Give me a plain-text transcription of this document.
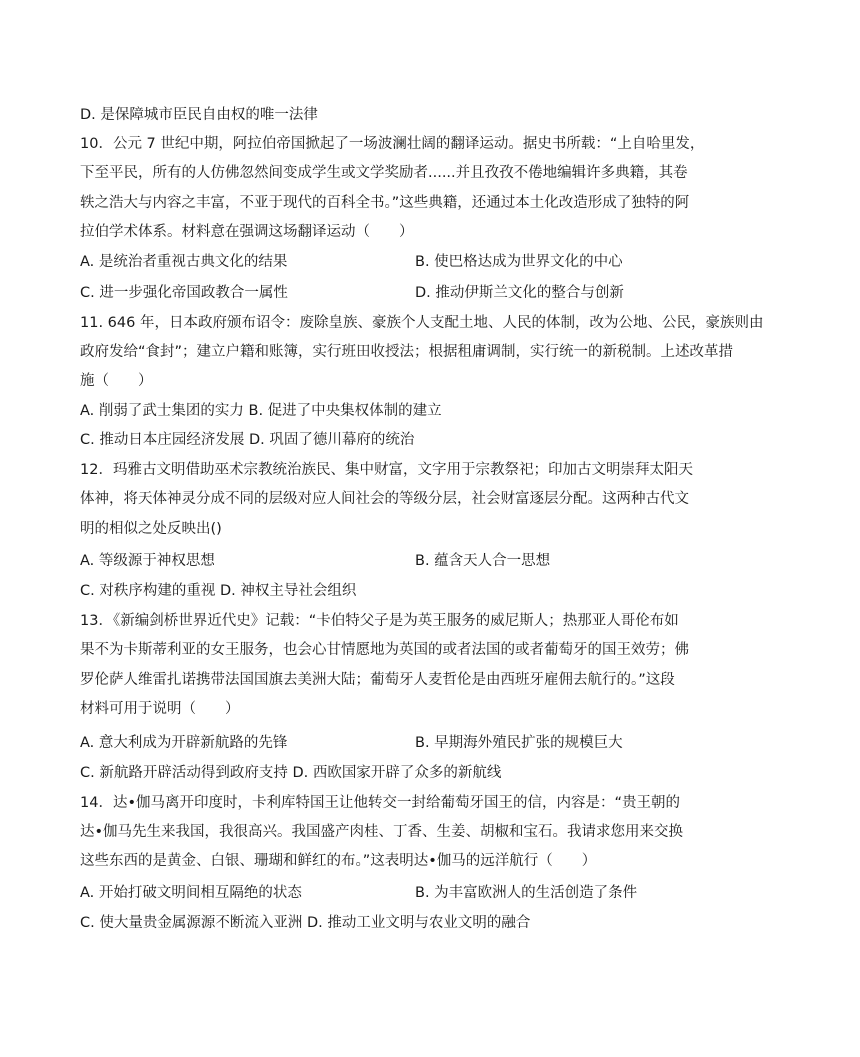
D. 是保障城市臣民自由权的唯一法律
10．公元 7 世纪中期，阿拉伯帝国掀起了一场波澜壮阔的翻译运动。据史书所载：“上自哈里发，
下至平民，所有的人仿佛忽然间变成学生或文学奖励者......并且孜孜不倦地编辑许多典籍，其卷
轶之浩大与内容之丰富，不亚于现代的百科全书。”这些典籍，还通过本土化改造形成了独特的阿
拉伯学术体系。材料意在强调这场翻译运动（　　）
A. 是统治者重视古典文化的结果	B. 使巴格达成为世界文化的中心
C. 进一步强化帝国政教合一属性	D. 推动伊斯兰文化的整合与创新
11. 646 年，日本政府颁布诏令：废除皇族、豪族个人支配土地、人民的体制，改为公地、公民，豪族则由
政府发给“食封”；建立户籍和账簿，实行班田收授法；根据租庸调制，实行统一的新税制。上述改革措
施（　　）
A. 削弱了武士集团的实力 B. 促进了中央集权体制的建立
C. 推动日本庄园经济发展 D. 巩固了德川幕府的统治
12．玛雅古文明借助巫术宗教统治族民、集中财富，文字用于宗教祭祀；印加古文明崇拜太阳天
体神，将天体神灵分成不同的层级对应人间社会的等级分层，社会财富逐层分配。这两种古代文
明的相似之处反映出()
A. 等级源于神权思想	B. 蕴含天人合一思想
C. 对秩序构建的重视 D. 神权主导社会组织
13．《新编剑桥世界近代史》记载：“卡伯特父子是为英王服务的威尼斯人；热那亚人哥伦布如
果不为卡斯蒂利亚的女王服务，也会心甘情愿地为英国的或者法国的或者葡萄牙的国王效劳；佛
罗伦萨人维雷扎诺携带法国国旗去美洲大陆；葡萄牙人麦哲伦是由西班牙雇佣去航行的。”这段
材料可用于说明（　　）
A. 意大利成为开辟新航路的先锋	B. 早期海外殖民扩张的规模巨大
C. 新航路开辟活动得到政府支持 D. 西欧国家开辟了众多的新航线
14．达•伽马离开印度时，卡利库特国王让他转交一封给葡萄牙国王的信，内容是：“贵王朝的
达•伽马先生来我国，我很高兴。我国盛产肉桂、丁香、生姜、胡椒和宝石。我请求您用来交换
这些东西的是黄金、白银、珊瑚和鲜红的布。”这表明达•伽马的远洋航行（　　）
A. 开始打破文明间相互隔绝的状态	B. 为丰富欧洲人的生活创造了条件
C. 使大量贵金属源源不断流入亚洲 D. 推动工业文明与农业文明的融合
